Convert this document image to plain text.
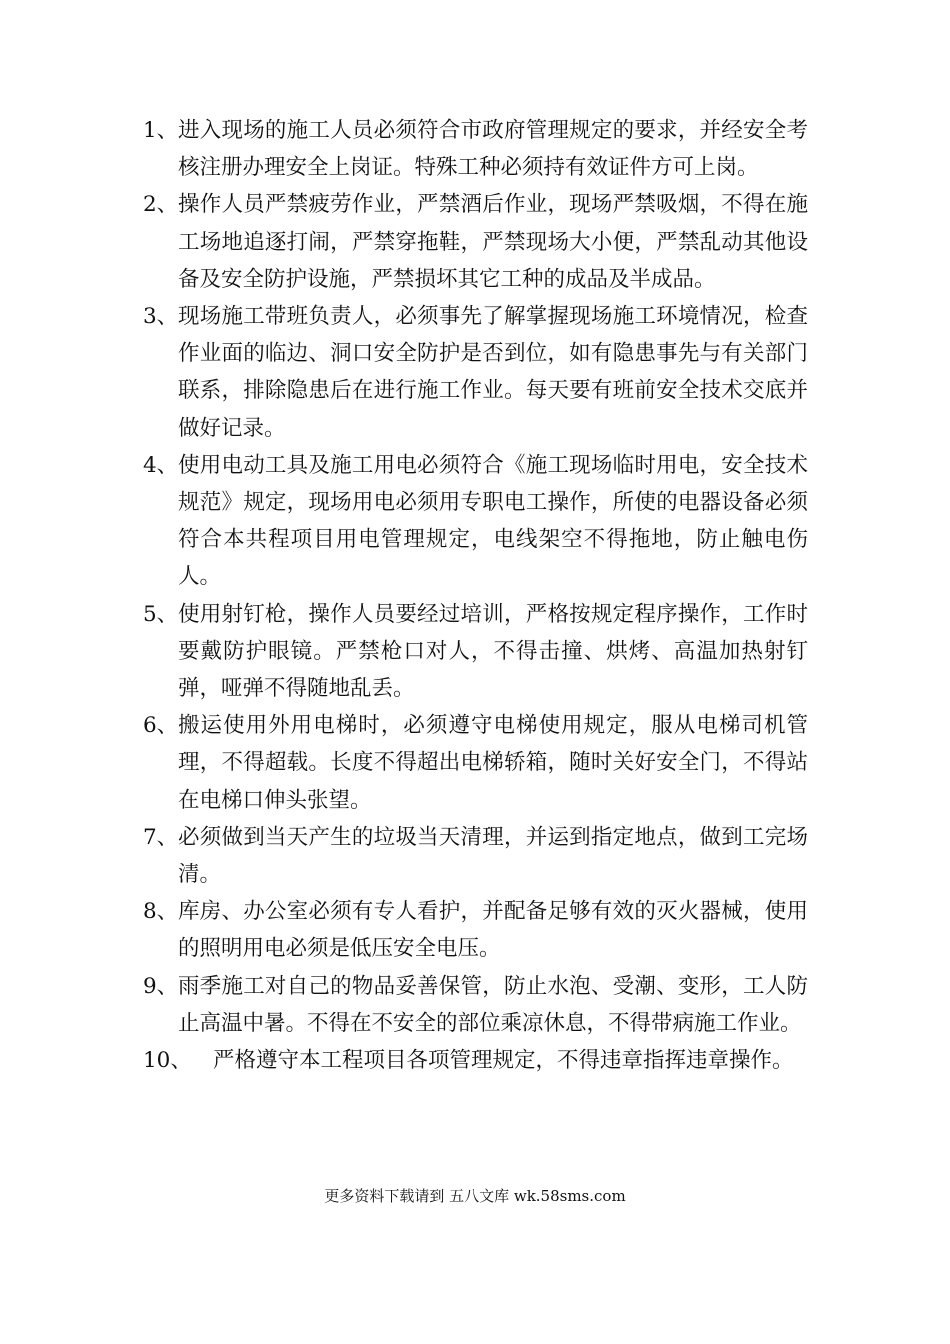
1、 进入现场的施工人员必须符合市政府管理规定的要求，并经安全考核注册办理安全上岗证。特殊工种必须持有效证件方可上岗。
2、 操作人员严禁疲劳作业，严禁酒后作业，现场严禁吸烟，不得在施工场地追逐打闹，严禁穿拖鞋，严禁现场大小便，严禁乱动其他设备及安全防护设施，严禁损坏其它工种的成品及半成品。
3、 现场施工带班负责人，必须事先了解掌握现场施工环境情况，检查作业面的临边、洞口安全防护是否到位，如有隐患事先与有关部门联系，排除隐患后在进行施工作业。每天要有班前安全技术交底并做好记录。
4、 使用电动工具及施工用电必须符合《施工现场临时用电，安全技术规范》规定，现场用电必须用专职电工操作，所使的电器设备必须符合本共程项目用电管理规定，电线架空不得拖地，防止触电伤人。
5、 使用射钉枪，操作人员要经过培训，严格按规定程序操作，工作时要戴防护眼镜。严禁枪口对人，不得击撞、烘烤、高温加热射钉弹，哑弹不得随地乱丢。
6、 搬运使用外用电梯时，必须遵守电梯使用规定，服从电梯司机管理，不得超载。长度不得超出电梯轿箱，随时关好安全门，不得站在电梯口伸头张望。
7、 必须做到当天产生的垃圾当天清理，并运到指定地点，做到工完场清。
8、 库房、办公室必须有专人看护，并配备足够有效的灭火器械，使用的照明用电必须是低压安全电压。
9、 雨季施工对自己的物品妥善保管，防止水泡、受潮、变形，工人防止高温中暑。不得在不安全的部位乘凉休息，不得带病施工作业。
10、 严格遵守本工程项目各项管理规定，不得违章指挥违章操作。
更多资料下载请到 五八文库 wk.58sms.com
